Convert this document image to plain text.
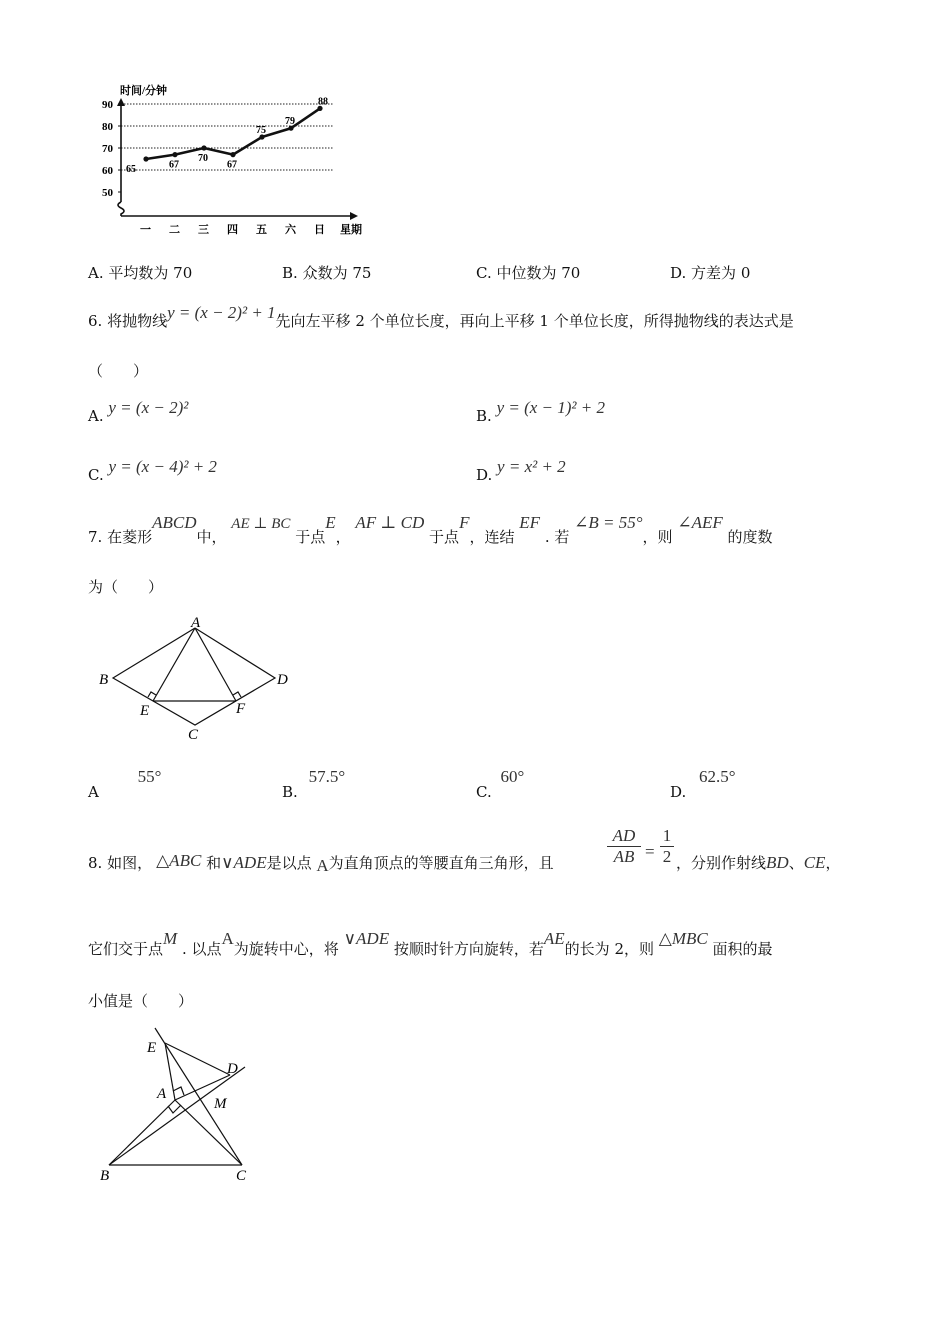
时间/分钟
星期
50
60
70
80
90
65	67
70
67
75
79
88
一 二 三 四 五 六 日
A. 平均数为 70	B. 众数为 75	C. 中位数为 70	D. 方差为 0
6. 将抛物线y = (x − 2)² + 1先向左平移 2 个单位长度，再向上平移 1 个单位长度，所得抛物线的表达式是
（　　）
A. y = (x − 2)²	B. y = (x − 1)² + 2
C. y = (x − 4)² + 2	D. y = x² + 2
7. 在菱形ABCD中， AE ⊥ BC 于点E， AF ⊥ CD 于点F，连结 EF . 若 ∠B = 55°，则 ∠AEF 的度数
为（　　）
A
B	D
E	F
C
A 55°
B. 57.5°
C. 60°
D. 62.5°
8. 如图， △ABC 和∨ADE是以点 A为直角顶点的等腰直角三角形，且
AD
AB =
1
2 ，分别作射线BD、CE，
它们交于点M . 以点A为旋转中心，将 ∨ADE 按顺时针方向旋转，若AE的长为 2，则 △MBC 面积的最
小值是（　　）
E
D
A
M
B	C
